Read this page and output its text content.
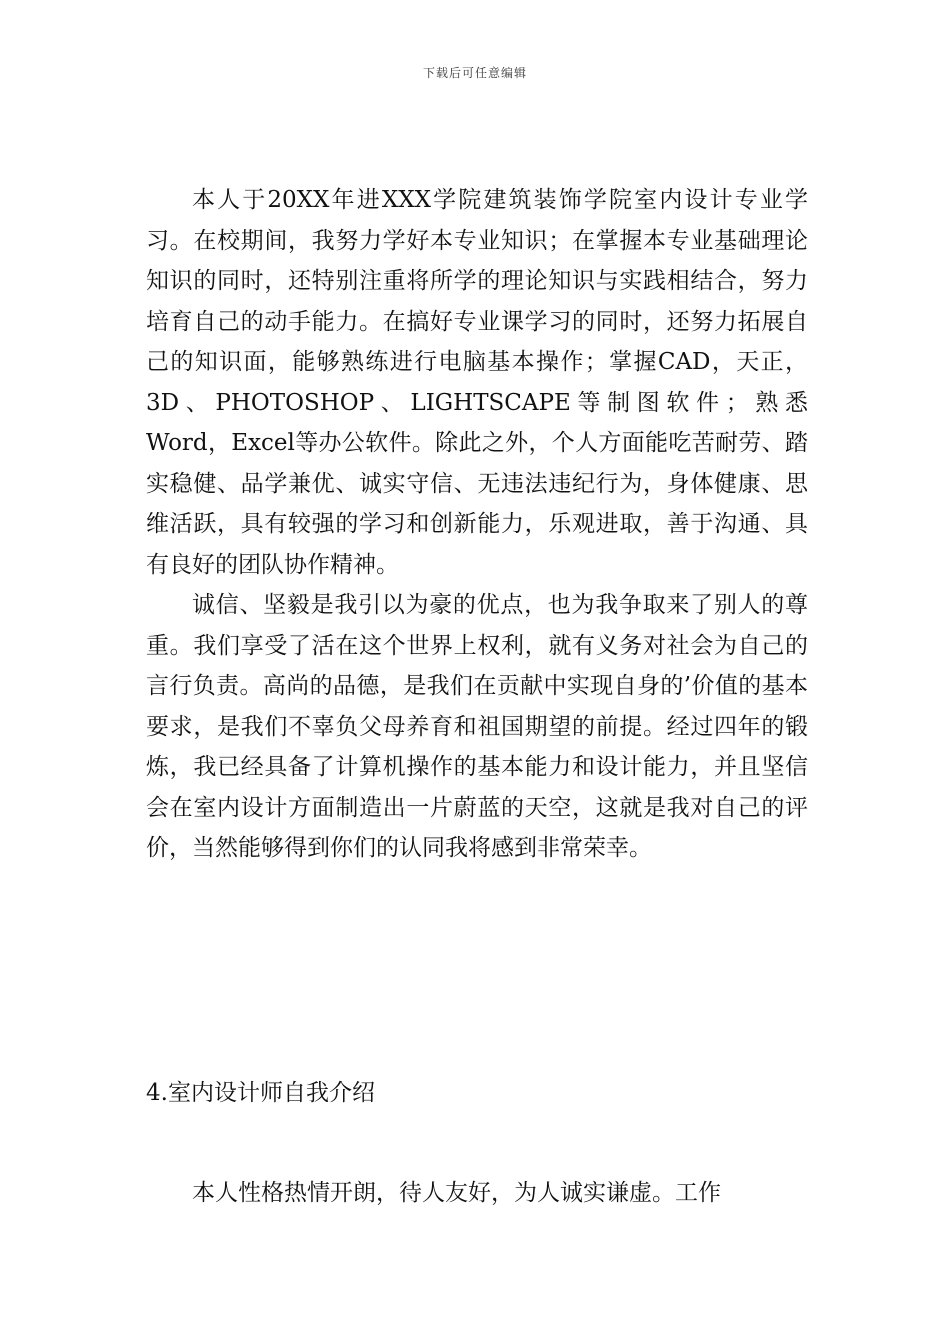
下载后可任意编辑

本人于20XX年进XXX学院建筑装饰学院室内设计专业学习。在校期间，我努力学好本专业知识；在掌握本专业基础理论知识的同时，还特别注重将所学的理论知识与实践相结合，努力培育自己的动手能力。在搞好专业课学习的同时，还努力拓展自己的知识面，能够熟练进行电脑基本操作；掌握CAD，天正，3D、PHOTOSHOP、LIGHTSCAPE等制图软件；熟悉Word，Excel等办公软件。除此之外，个人方面能吃苦耐劳、踏实稳健、品学兼优、诚实守信、无违法违纪行为，身体健康、思维活跃，具有较强的学习和创新能力，乐观进取，善于沟通、具有良好的团队协作精神。

诚信、坚毅是我引以为豪的优点，也为我争取来了别人的尊重。我们享受了活在这个世界上权利，就有义务对社会为自己的言行负责。高尚的品德，是我们在贡献中实现自身的’价值的基本要求，是我们不辜负父母养育和祖国期望的前提。经过四年的锻炼，我已经具备了计算机操作的基本能力和设计能力，并且坚信会在室内设计方面制造出一片蔚蓝的天空，这就是我对自己的评价，当然能够得到你们的认同我将感到非常荣幸。

4.室内设计师自我介绍

本人性格热情开朗，待人友好，为人诚实谦虚。工作
